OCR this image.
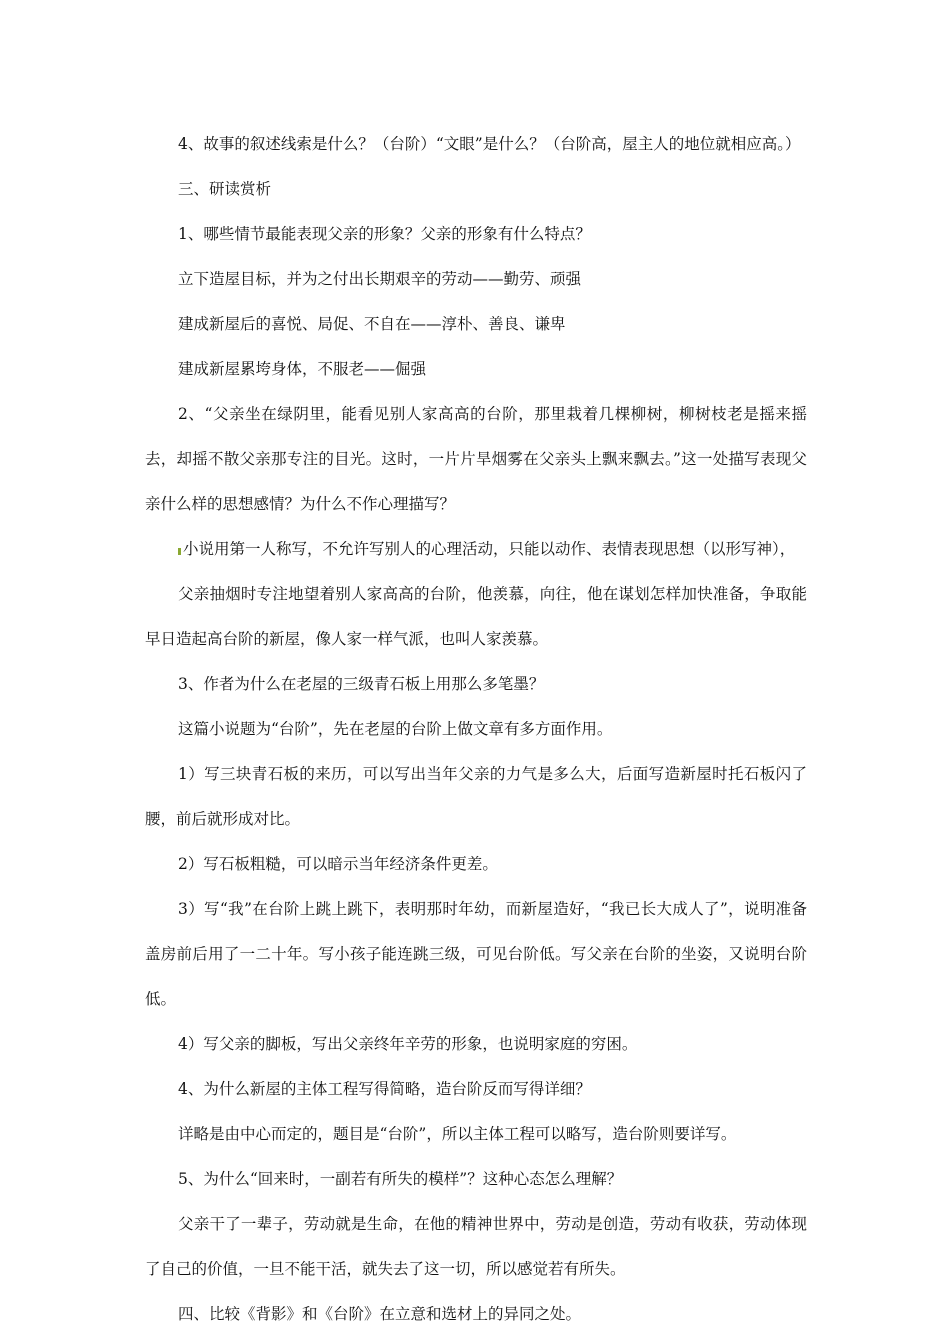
4、故事的叙述线索是什么？（台阶）“文眼”是什么？（台阶高，屋主人的地位就相应高。）

三、研读赏析

1、哪些情节最能表现父亲的形象？父亲的形象有什么特点？

立下造屋目标，并为之付出长期艰辛的劳动——勤劳、顽强

建成新屋后的喜悦、局促、不自在——淳朴、善良、谦卑

建成新屋累垮身体，不服老——倔强

2、“父亲坐在绿阴里，能看见别人家高高的台阶，那里栽着几棵柳树，柳树枝老是摇来摇去，却摇不散父亲那专注的目光。这时，一片片旱烟雾在父亲头上飘来飘去。”这一处描写表现父亲什么样的思想感情？为什么不作心理描写？

小说用第一人称写，不允许写别人的心理活动，只能以动作、表情表现思想（以形写神），

父亲抽烟时专注地望着别人家高高的台阶，他羡慕，向往，他在谋划怎样加快准备，争取能早日造起高台阶的新屋，像人家一样气派，也叫人家羡慕。

3、作者为什么在老屋的三级青石板上用那么多笔墨？

这篇小说题为“台阶”，先在老屋的台阶上做文章有多方面作用。

1）写三块青石板的来历，可以写出当年父亲的力气是多么大，后面写造新屋时托石板闪了腰，前后就形成对比。

2）写石板粗糙，可以暗示当年经济条件更差。

3）写“我”在台阶上跳上跳下，表明那时年幼，而新屋造好，“我已长大成人了”，说明准备盖房前后用了一二十年。写小孩子能连跳三级，可见台阶低。写父亲在台阶的坐姿，又说明台阶低。

4）写父亲的脚板，写出父亲终年辛劳的形象，也说明家庭的穷困。

4、为什么新屋的主体工程写得简略，造台阶反而写得详细？

详略是由中心而定的，题目是“台阶”，所以主体工程可以略写，造台阶则要详写。

5、为什么“回来时，一副若有所失的模样”？这种心态怎么理解？

父亲干了一辈子，劳动就是生命，在他的精神世界中，劳动是创造，劳动有收获，劳动体现了自己的价值，一旦不能干活，就失去了这一切，所以感觉若有所失。

四、比较《背影》和《台阶》在立意和选材上的异同之处。
